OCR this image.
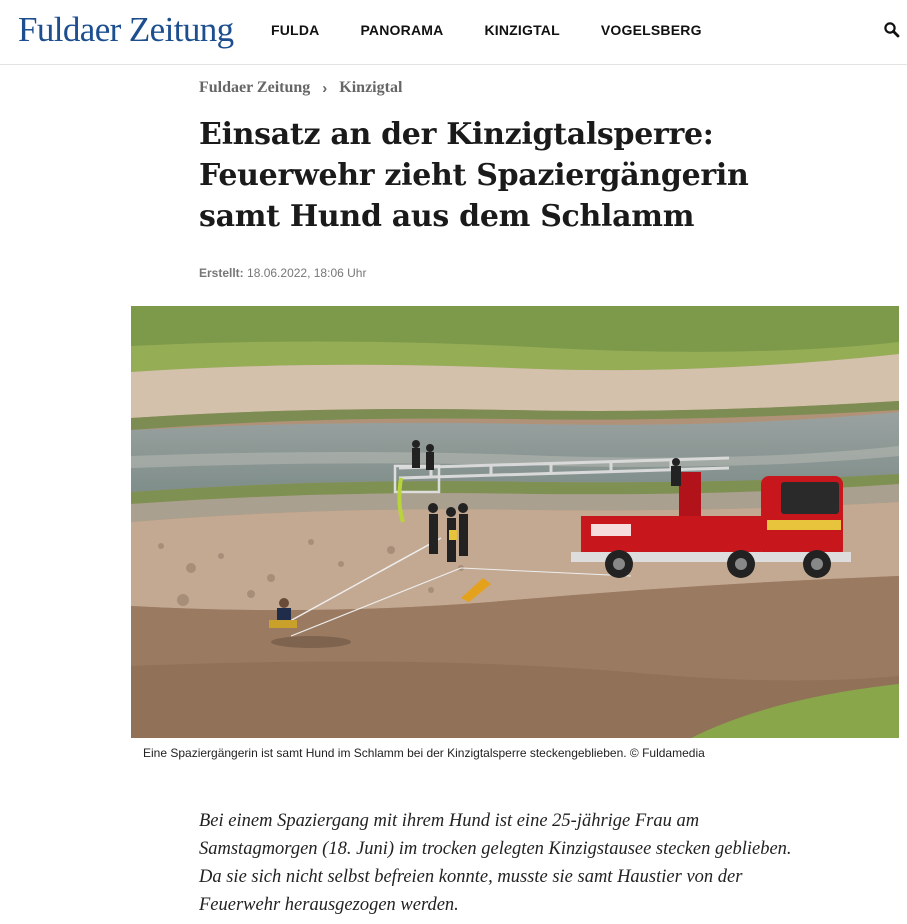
Fuldaer Zeitung	FULDA	PANORAMA	KINZIGTAL	VOGELSBERG
Fuldaer Zeitung › Kinzigtal
Einsatz an der Kinzigtalsperre: Feuerwehr zieht Spaziergängerin samt Hund aus dem Schlamm
Erstellt: 18.06.2022, 18:06 Uhr
Eine Spaziergängerin ist samt Hund im Schlamm bei der Kinzigtalsperre steckengeblieben. © Fuldamedia

Bei einem Spaziergang mit ihrem Hund ist eine 25-jährige Frau am Samstagmorgen (18. Juni) im trocken gelegten Kinzigstausee stecken geblieben. Da sie sich nicht selbst befreien konnte, musste sie samt Haustier von der Feuerwehr herausgezogen werden.
